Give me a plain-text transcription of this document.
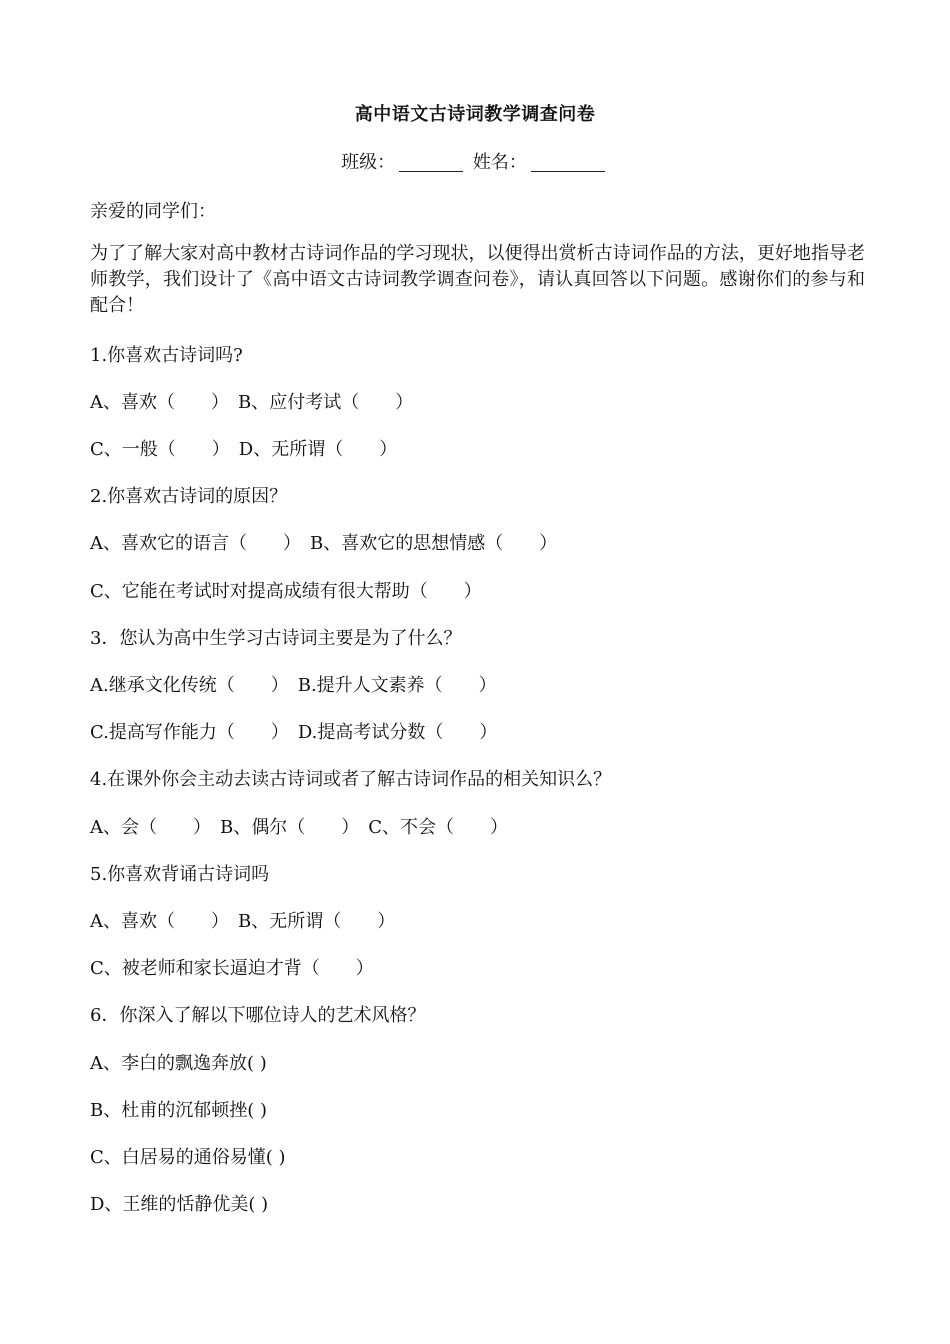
高中语文古诗词教学调查问卷
班级：	姓名：
亲爱的同学们：
为了了解大家对高中教材古诗词作品的学习现状，以便得出赏析古诗词作品的方法，更好地指导老师教学，我们设计了《高中语文古诗词教学调查问卷》，请认真回答以下问题。感谢你们的参与和配合！
1.你喜欢古诗词吗?
A、喜欢（　　）　B、应付考试（　　）
C、一般（　　）　D、无所谓（　　）
2.你喜欢古诗词的原因？
A、喜欢它的语言（　　）　B、喜欢它的思想情感（　　）
C、它能在考试时对提高成绩有很大帮助（　　）
3．您认为高中生学习古诗词主要是为了什么？
A.继承文化传统（　　）　B.提升人文素养（　　）
C.提高写作能力（　　）　D.提高考试分数（　　）
4.在课外你会主动去读古诗词或者了解古诗词作品的相关知识么？
A、会（　　）　B、偶尔（　　）　C、不会（　　）
5.你喜欢背诵古诗词吗
A、喜欢（　　）　B、无所谓（　　）
C、被老师和家长逼迫才背（　　）
6．你深入了解以下哪位诗人的艺术风格？
A、李白的飘逸奔放( )
B、杜甫的沉郁顿挫( )
C、白居易的通俗易懂( )
D、王维的恬静优美( )
